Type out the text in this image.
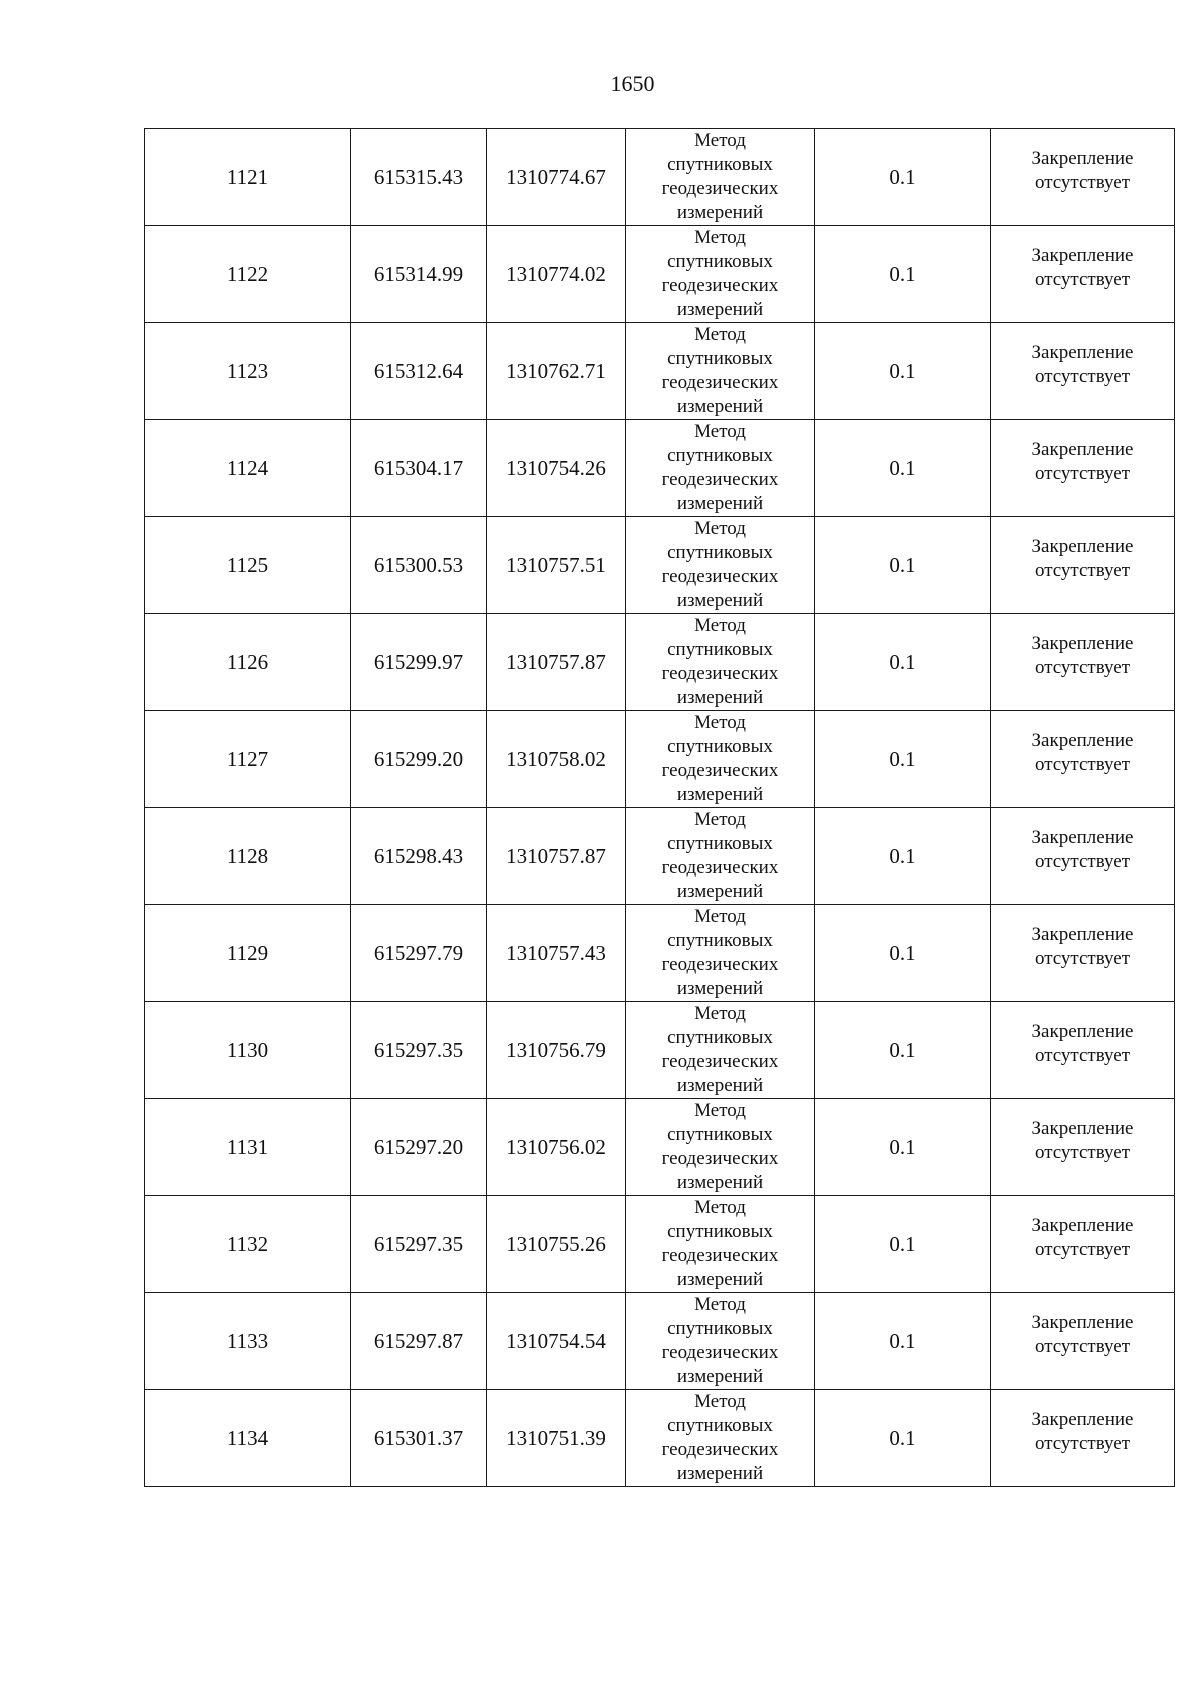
1650
1121	615315.43	1310774.67	Метод
спутниковых
геодезических
измерений	0.1	Закрепление
отсутствует

1122	615314.99	1310774.02	Метод
спутниковых
геодезических
измерений	0.1	Закрепление
отсутствует

1123	615312.64	1310762.71	Метод
спутниковых
геодезических
измерений	0.1	Закрепление
отсутствует

1124	615304.17	1310754.26	Метод
спутниковых
геодезических
измерений	0.1	Закрепление
отсутствует

1125	615300.53	1310757.51	Метод
спутниковых
геодезических
измерений	0.1	Закрепление
отсутствует

1126	615299.97	1310757.87	Метод
спутниковых
геодезических
измерений	0.1	Закрепление
отсутствует

1127	615299.20	1310758.02	Метод
спутниковых
геодезических
измерений	0.1	Закрепление
отсутствует

1128	615298.43	1310757.87	Метод
спутниковых
геодезических
измерений	0.1	Закрепление
отсутствует

1129	615297.79	1310757.43	Метод
спутниковых
геодезических
измерений	0.1	Закрепление
отсутствует

1130	615297.35	1310756.79	Метод
спутниковых
геодезических
измерений	0.1	Закрепление
отсутствует

1131	615297.20	1310756.02	Метод
спутниковых
геодезических
измерений	0.1	Закрепление
отсутствует

1132	615297.35	1310755.26	Метод
спутниковых
геодезических
измерений	0.1	Закрепление
отсутствует

1133	615297.87	1310754.54	Метод
спутниковых
геодезических
измерений	0.1	Закрепление
отсутствует

1134	615301.37	1310751.39	Метод
спутниковых
геодезических
измерений	0.1	Закрепление
отсутствует
